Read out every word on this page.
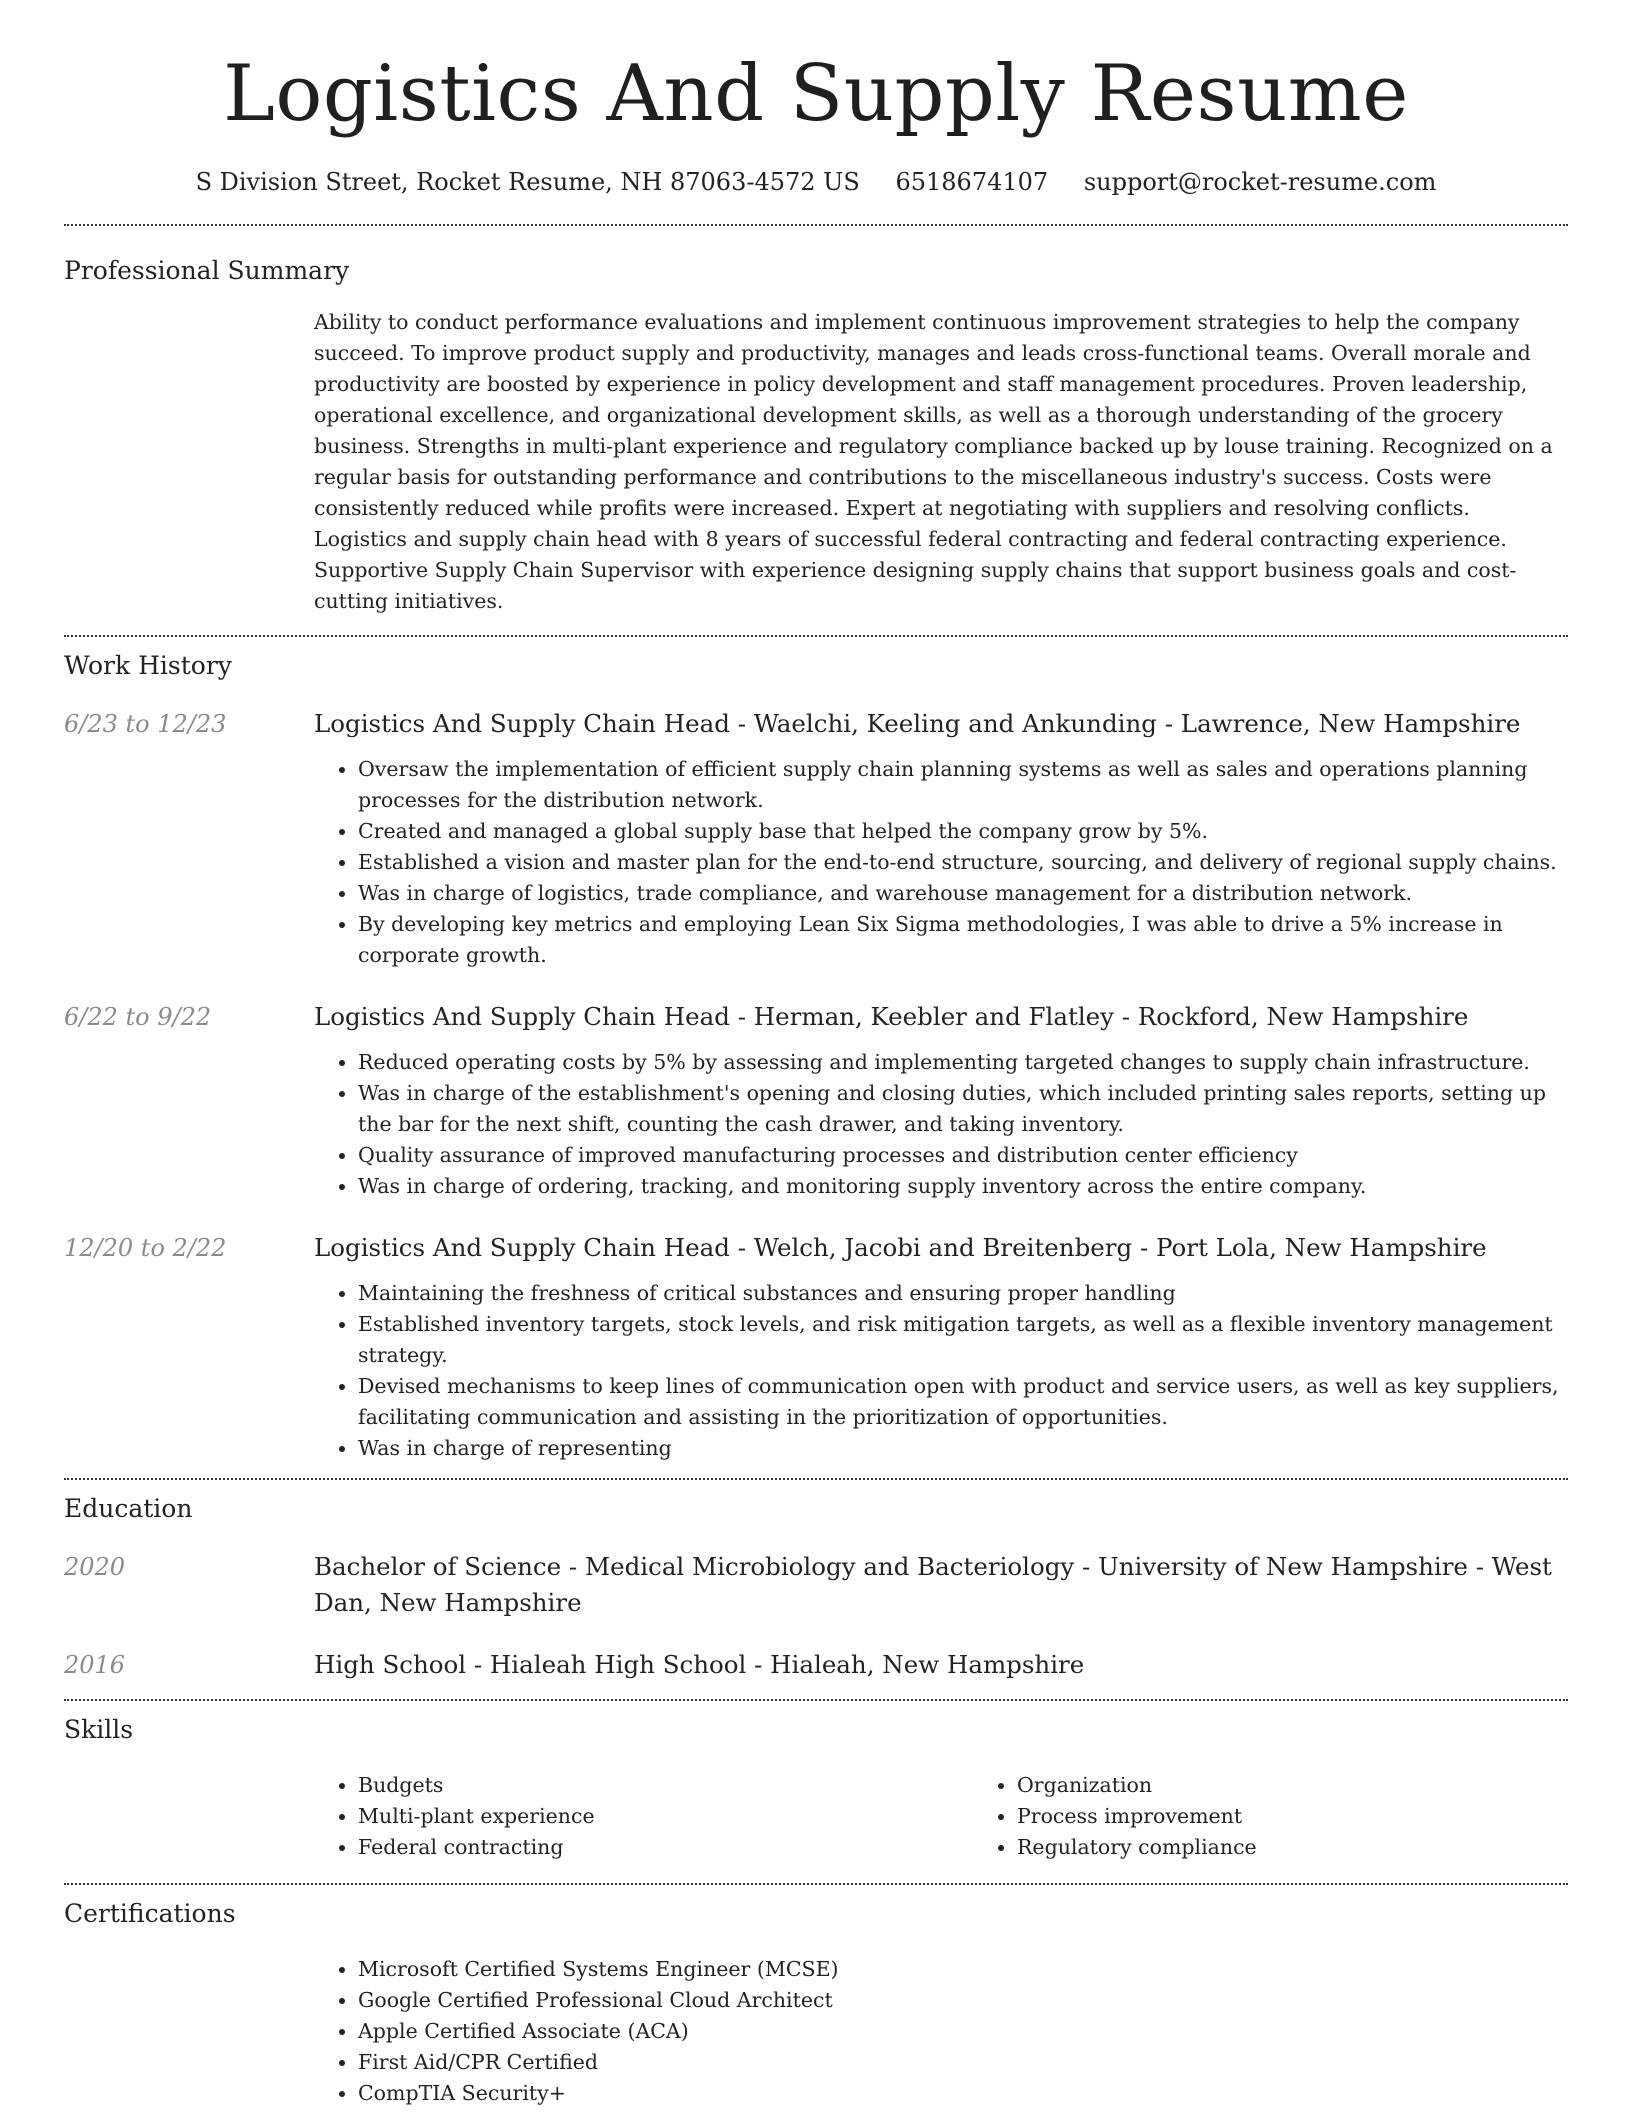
Logistics And Supply Resume
S Division Street, Rocket Resume, NH 87063-4572 US 6518674107 support@rocket-resume.com
Professional Summary

Ability to conduct performance evaluations and implement continuous improvement strategies to help the company succeed. To improve product supply and productivity, manages and leads cross-functional teams. Overall morale and productivity are boosted by experience in policy development and staff management procedures. Proven leadership, operational excellence, and organizational development skills, as well as a thorough understanding of the grocery business. Strengths in multi-plant experience and regulatory compliance backed up by louse training. Recognized on a regular basis for outstanding performance and contributions to the miscellaneous industry's success. Costs were consistently reduced while profits were increased. Expert at negotiating with suppliers and resolving conflicts. Logistics and supply chain head with 8 years of successful federal contracting and federal contracting experience. Supportive Supply Chain Supervisor with experience designing supply chains that support business goals and cost-cutting initiatives.

Work History
6/23 to 12/23	Logistics And Supply Chain Head - Waelchi, Keeling and Ankunding - Lawrence, New Hampshire
• Oversaw the implementation of efficient supply chain planning systems as well as sales and operations planning processes for the distribution network.
• Created and managed a global supply base that helped the company grow by 5%.
• Established a vision and master plan for the end-to-end structure, sourcing, and delivery of regional supply chains.
• Was in charge of logistics, trade compliance, and warehouse management for a distribution network.
• By developing key metrics and employing Lean Six Sigma methodologies, I was able to drive a 5% increase in corporate growth.
6/22 to 9/22	Logistics And Supply Chain Head - Herman, Keebler and Flatley - Rockford, New Hampshire
• Reduced operating costs by 5% by assessing and implementing targeted changes to supply chain infrastructure.
• Was in charge of the establishment's opening and closing duties, which included printing sales reports, setting up the bar for the next shift, counting the cash drawer, and taking inventory.
• Quality assurance of improved manufacturing processes and distribution center efficiency
• Was in charge of ordering, tracking, and monitoring supply inventory across the entire company.
12/20 to 2/22	Logistics And Supply Chain Head - Welch, Jacobi and Breitenberg - Port Lola, New Hampshire
• Maintaining the freshness of critical substances and ensuring proper handling
• Established inventory targets, stock levels, and risk mitigation targets, as well as a flexible inventory management strategy.
• Devised mechanisms to keep lines of communication open with product and service users, as well as key suppliers, facilitating communication and assisting in the prioritization of opportunities.
• Was in charge of representing
Education
2020	Bachelor of Science - Medical Microbiology and Bacteriology - University of New Hampshire - West Dan, New Hampshire
2016	High School - Hialeah High School - Hialeah, New Hampshire
Skills
• Budgets
• Multi-plant experience
• Federal contracting
• Organization
• Process improvement
• Regulatory compliance
Certifications
• Microsoft Certified Systems Engineer (MCSE)
• Google Certified Professional Cloud Architect
• Apple Certified Associate (ACA)
• First Aid/CPR Certified
• CompTIA Security+
